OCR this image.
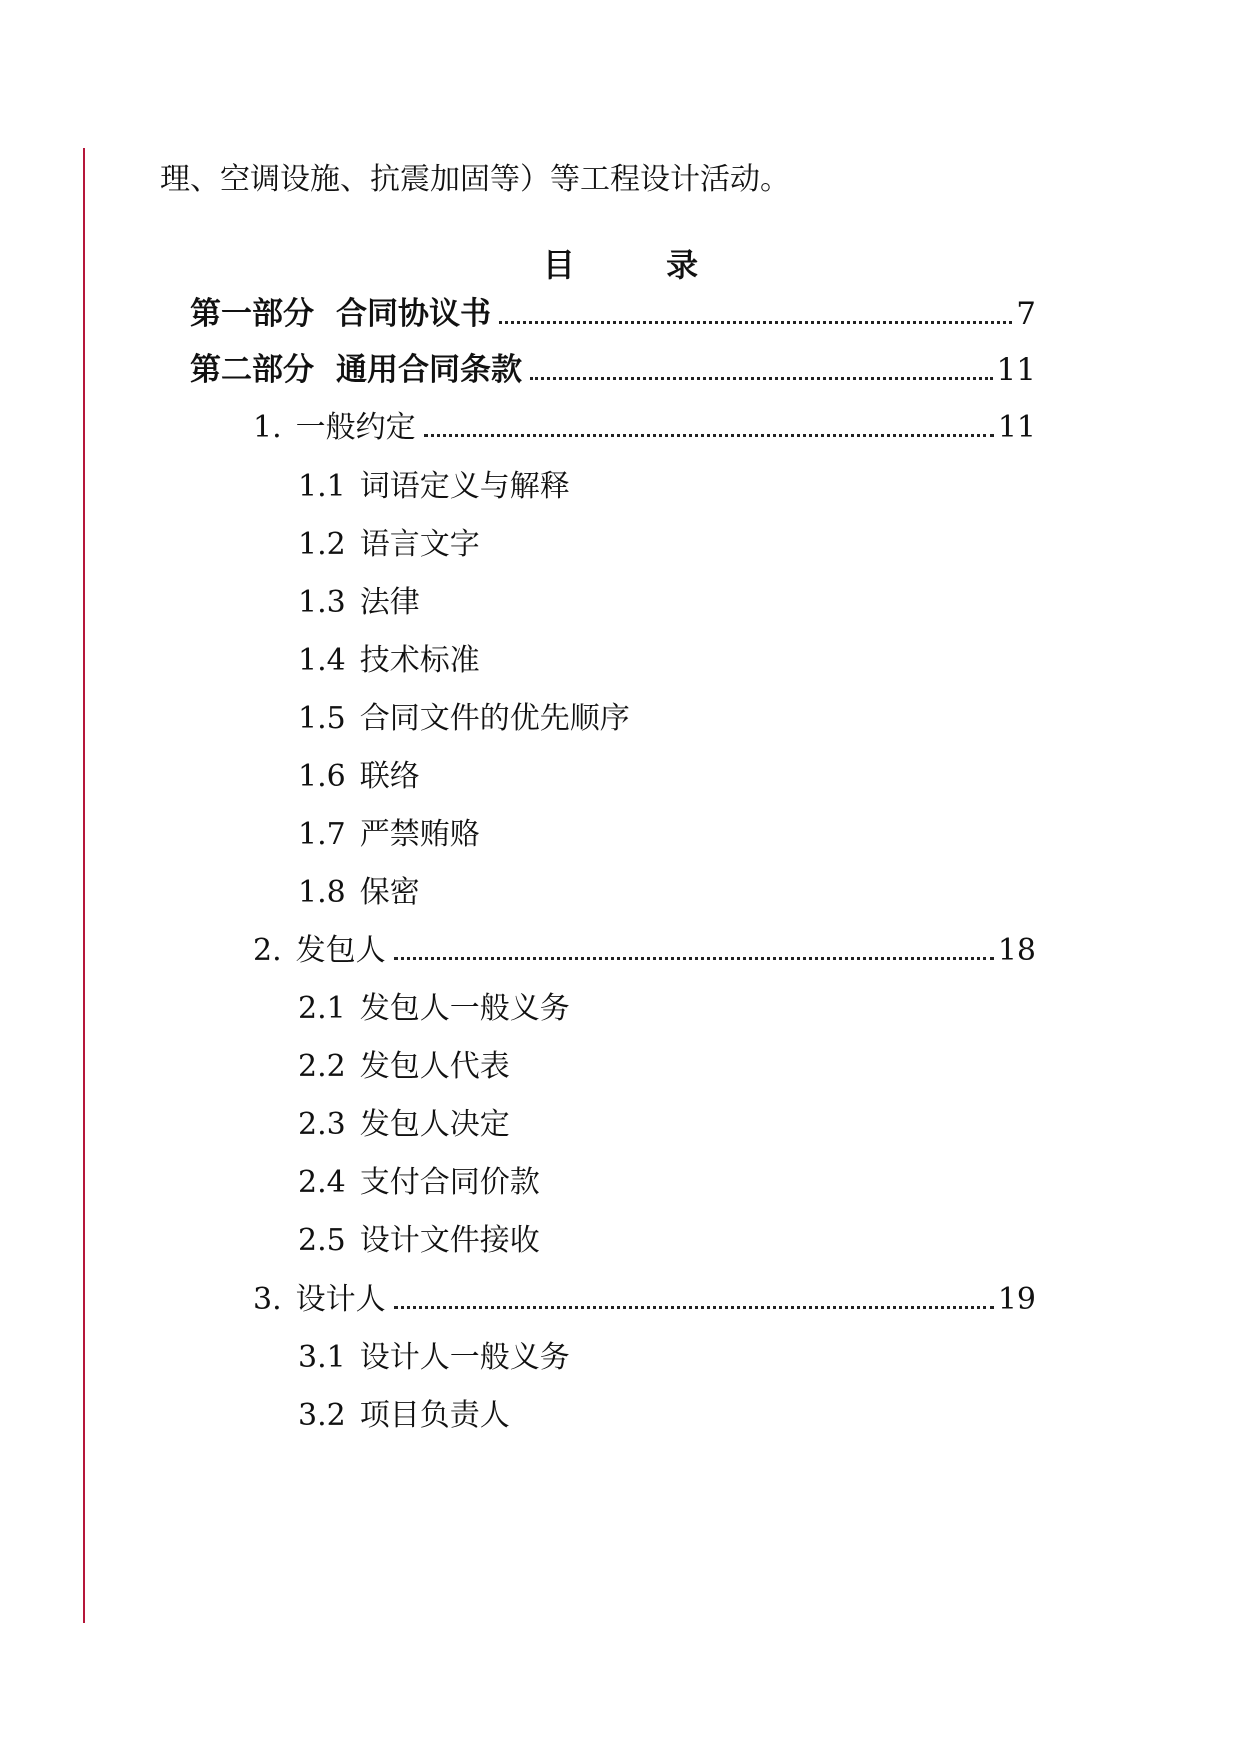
理、空调设施、抗震加固等）等工程设计活动。
目 录
第一部分 合同协议书	7
第二部分 通用合同条款	11
1. 一般约定	11
1.1 词语定义与解释
1.2 语言文字
1.3 法律
1.4 技术标准
1.5 合同文件的优先顺序
1.6 联络
1.7 严禁贿赂
1.8 保密
2. 发包人	18
2.1 发包人一般义务
2.2 发包人代表
2.3 发包人决定
2.4 支付合同价款
2.5 设计文件接收
3. 设计人	19
3.1 设计人一般义务
3.2 项目负责人
